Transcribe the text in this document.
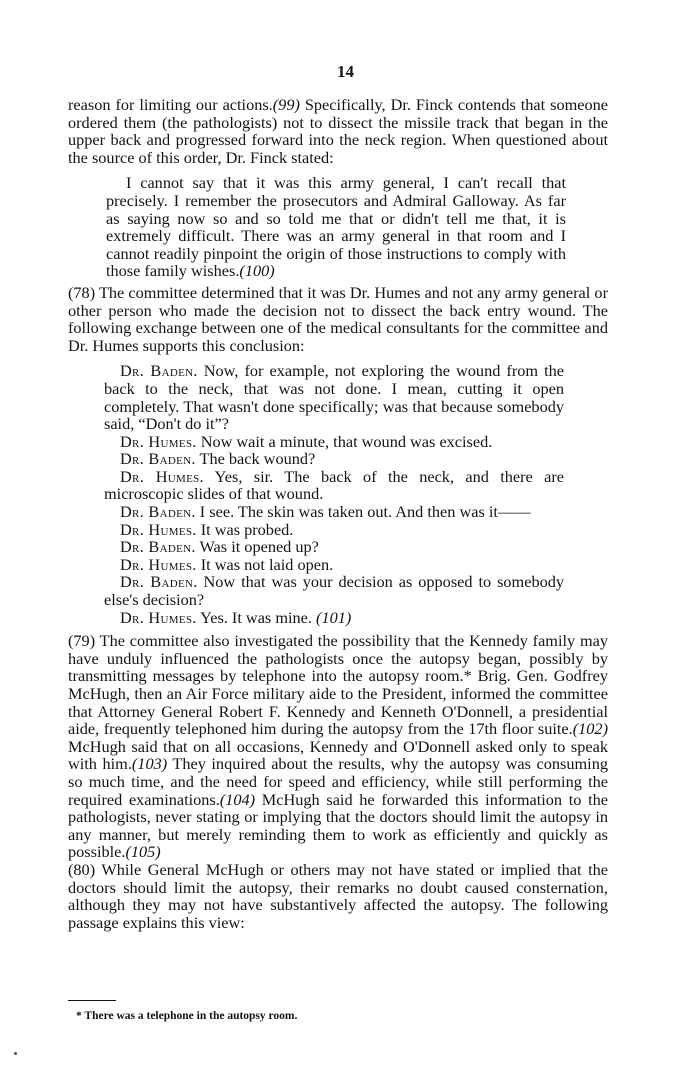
14

reason for limiting our actions.(99) Specifically, Dr. Finck contends that someone ordered them (the pathologists) not to dissect the missile track that began in the upper back and progressed forward into the neck region. When questioned about the source of this order, Dr. Finck stated:

I cannot say that it was this army general, I can't recall that precisely. I remember the prosecutors and Admiral Galloway. As far as saying now so and so told me that or didn't tell me that, it is extremely difficult. There was an army general in that room and I cannot readily pinpoint the origin of those instructions to comply with those family wishes.(100)

(78) The committee determined that it was Dr. Humes and not any army general or other person who made the decision not to dissect the back entry wound. The following exchange between one of the medical consultants for the committee and Dr. Humes supports this conclusion:

Dr. Baden. Now, for example, not exploring the wound from the back to the neck, that was not done. I mean, cutting it open completely. That wasn't done specifically; was that because somebody said, “Don't do it”?

Dr. Humes. Now wait a minute, that wound was excised.

Dr. Baden. The back wound?

Dr. Humes. Yes, sir. The back of the neck, and there are microscopic slides of that wound.

Dr. Baden. I see. The skin was taken out. And then was it——

Dr. Humes. It was probed.

Dr. Baden. Was it opened up?

Dr. Humes. It was not laid open.

Dr. Baden. Now that was your decision as opposed to somebody else's decision?

Dr. Humes. Yes. It was mine. (101)

(79) The committee also investigated the possibility that the Kennedy family may have unduly influenced the pathologists once the autopsy began, possibly by transmitting messages by telephone into the autopsy room.* Brig. Gen. Godfrey McHugh, then an Air Force military aide to the President, informed the committee that Attorney General Robert F. Kennedy and Kenneth O'Donnell, a presidential aide, frequently telephoned him during the autopsy from the 17th floor suite.(102) McHugh said that on all occasions, Kennedy and O'Donnell asked only to speak with him.(103) They inquired about the results, why the autopsy was consuming so much time, and the need for speed and efficiency, while still performing the required examinations.(104) McHugh said he forwarded this information to the pathologists, never stating or implying that the doctors should limit the autopsy in any manner, but merely reminding them to work as efficiently and quickly as possible.(105)

(80) While General McHugh or others may not have stated or implied that the doctors should limit the autopsy, their remarks no doubt caused consternation, although they may not have substantively affected the autopsy. The following passage explains this view:

* There was a telephone in the autopsy room.
